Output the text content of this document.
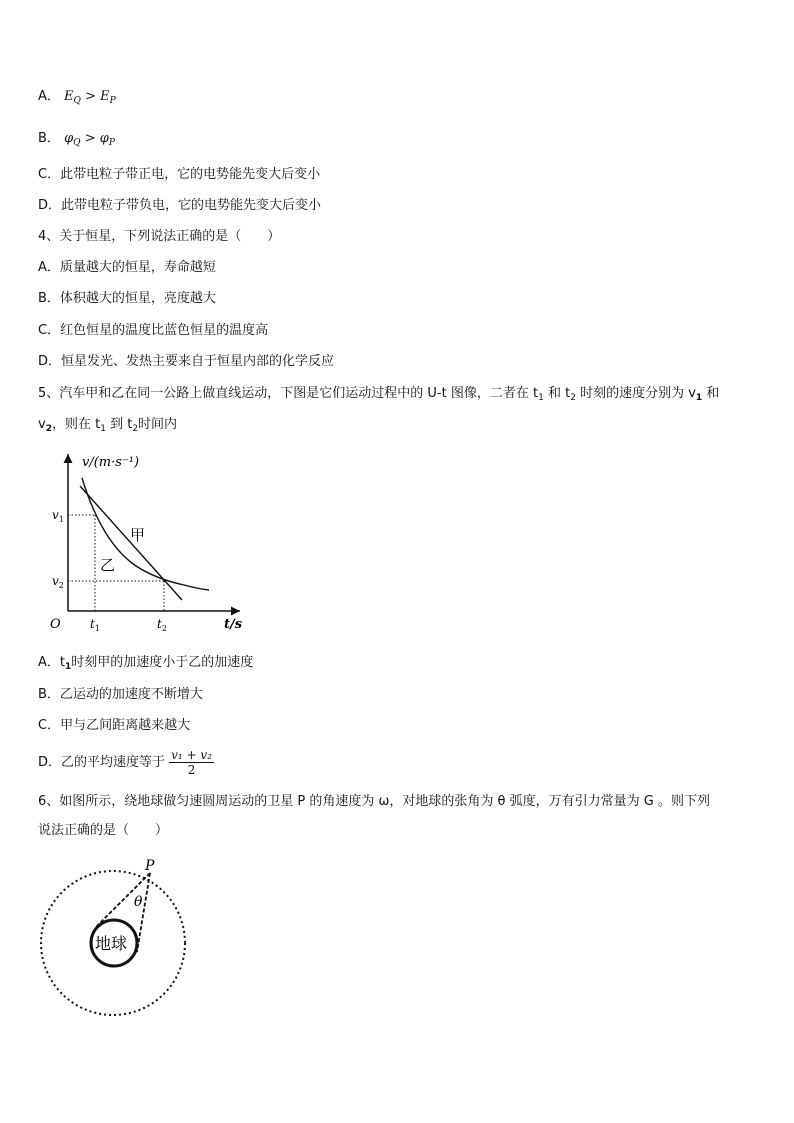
A． $E_Q > E_P$
B． $\varphi_Q > \varphi_P$
C．此带电粒子带正电，它的电势能先变大后变小
D．此带电粒子带负电，它的电势能先变大后变小
4、关于恒星，下列说法正确的是（　　）
A．质量越大的恒星，寿命越短
B．体积越大的恒星，亮度越大
C．红色恒星的温度比蓝色恒星的温度高
D．恒星发光、发热主要来自于恒星内部的化学反应
5、汽车甲和乙在同一公路上做直线运动，下图是它们运动过程中的 U-t 图像，二者在 $t_1$ 和 $t_2$ 时刻的速度分别为 $v_1$ 和
$v_2$，则在 $t_1$ 到 $t_2$时间内
v/(m·s⁻¹)
$v_1$
$v_2$
$t_1$	$t_2$	t/s
O
甲
乙
A．$t_1$时刻甲的加速度小于乙的加速度
B．乙运动的加速度不断增大
C．甲与乙间距离越来越大
D．乙的平均速度等于 $\frac{\text{v₁ + v₂}}{2}$
6、如图所示，绕地球做匀速圆周运动的卫星 P 的角速度为 ω，对地球的张角为 θ 弧度，万有引力常量为 G 。则下列
说法正确的是（　　）
P
θ
地球
